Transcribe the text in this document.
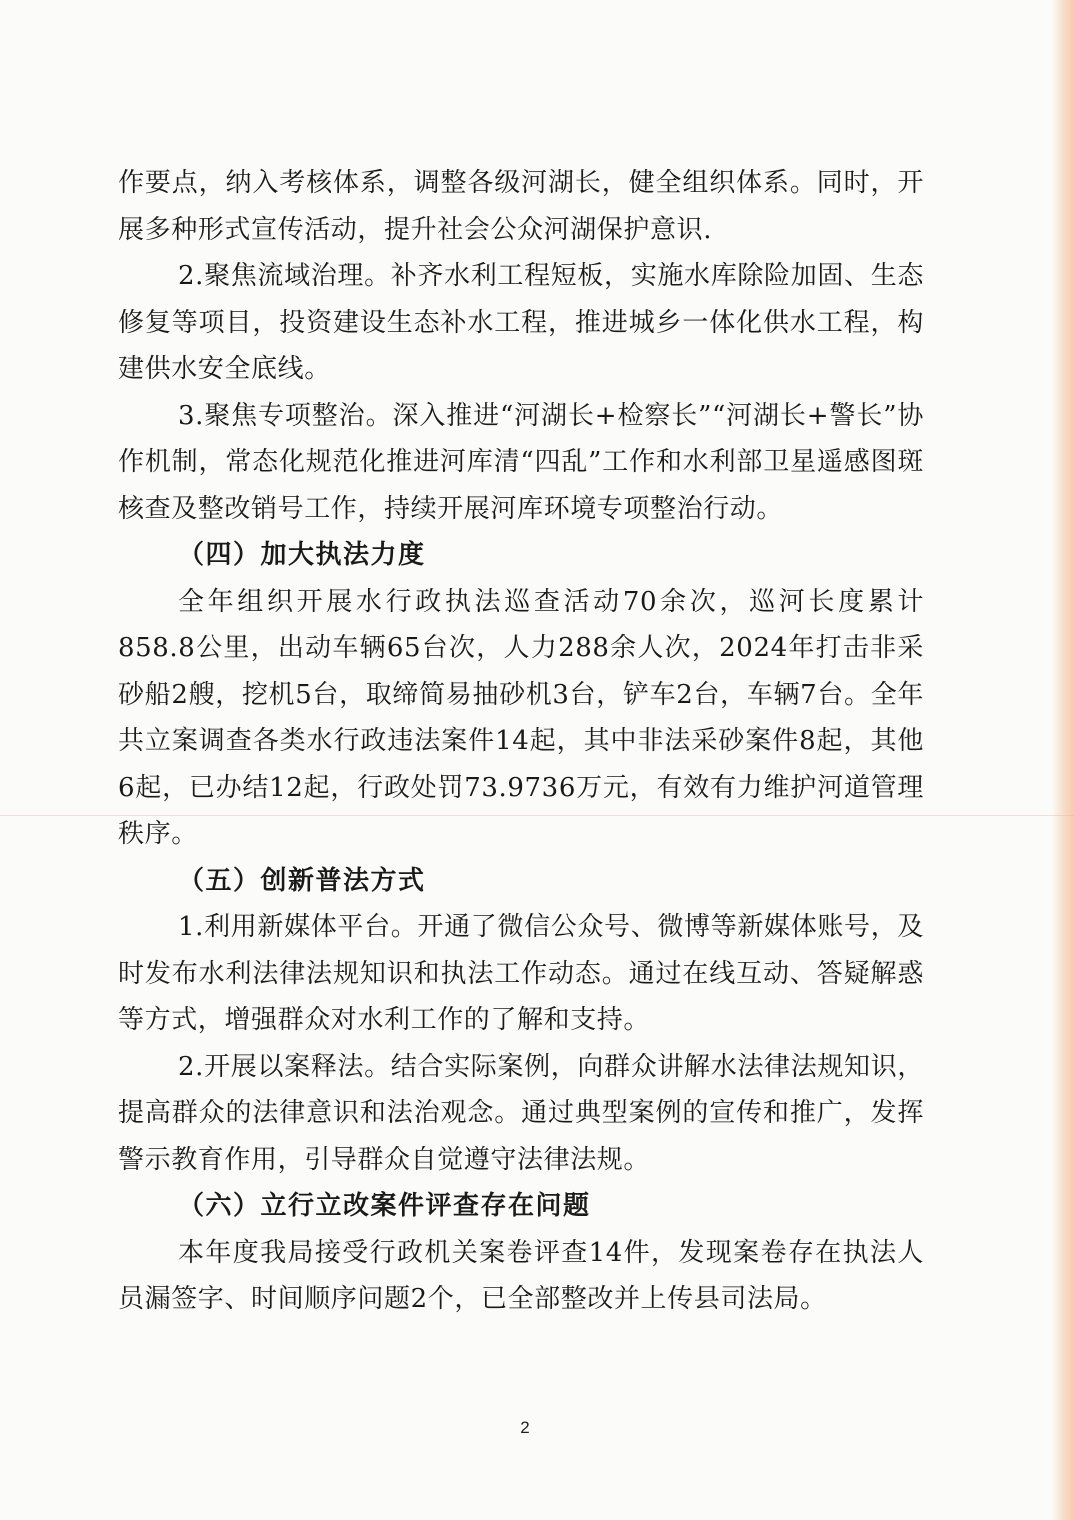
作要点，纳入考核体系，调整各级河湖长，健全组织体系。同时，开展多种形式宣传活动，提升社会公众河湖保护意识.

2.聚焦流域治理。补齐水利工程短板，实施水库除险加固、生态修复等项目，投资建设生态补水工程，推进城乡一体化供水工程，构建供水安全底线。

3.聚焦专项整治。深入推进“河湖长+检察长”“河湖长+警长”协作机制，常态化规范化推进河库清“四乱”工作和水利部卫星遥感图斑核查及整改销号工作，持续开展河库环境专项整治行动。

（四）加大执法力度

全年组织开展水行政执法巡查活动70余次，巡河长度累计858.8公里，出动车辆65台次，人力288余人次，2024年打击非采砂船2艘，挖机5台，取缔简易抽砂机3台，铲车2台，车辆7台。全年共立案调查各类水行政违法案件14起，其中非法采砂案件8起，其他6起，已办结12起，行政处罚73.9736万元，有效有力维护河道管理秩序。

（五）创新普法方式

1.利用新媒体平台。开通了微信公众号、微博等新媒体账号，及时发布水利法律法规知识和执法工作动态。通过在线互动、答疑解惑等方式，增强群众对水利工作的了解和支持。

2.开展以案释法。结合实际案例，向群众讲解水法律法规知识，提高群众的法律意识和法治观念。通过典型案例的宣传和推广，发挥警示教育作用，引导群众自觉遵守法律法规。

（六）立行立改案件评查存在问题

本年度我局接受行政机关案卷评查14件，发现案卷存在执法人员漏签字、时间顺序问题2个，已全部整改并上传县司法局。

2
